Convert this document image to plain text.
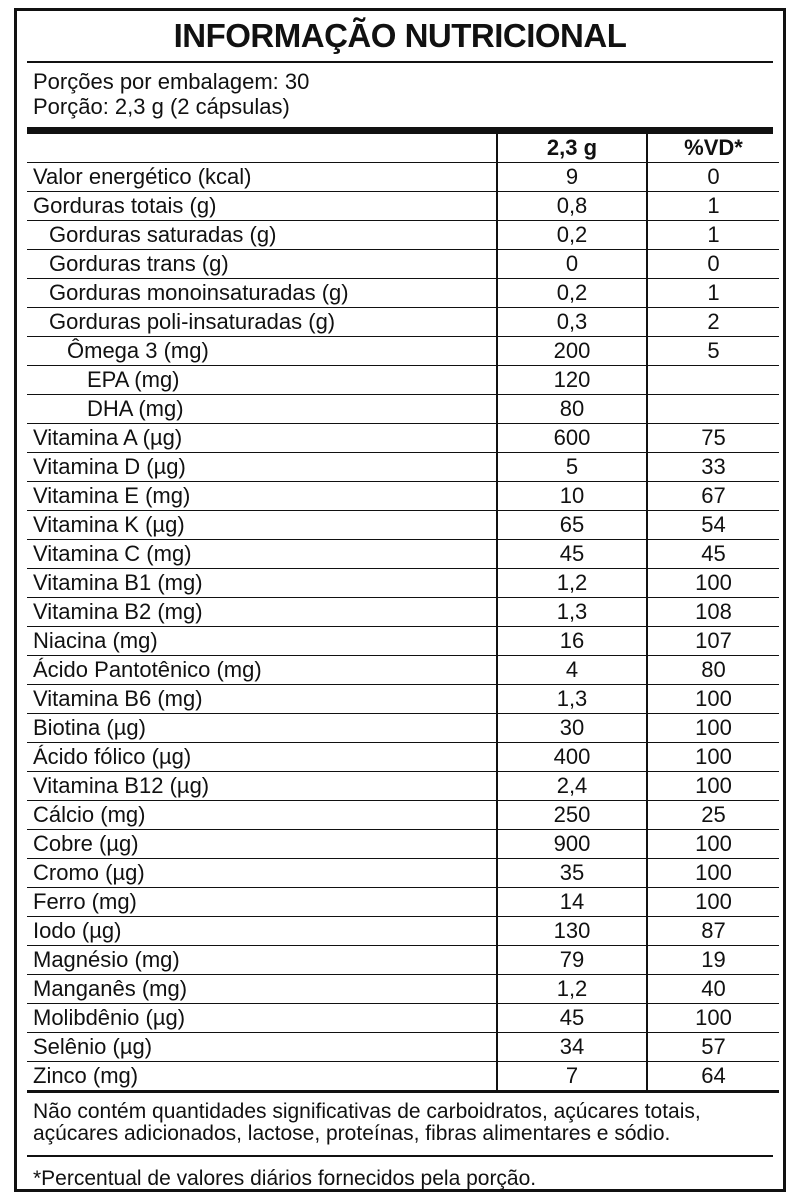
INFORMAÇÃO NUTRICIONAL
Porções por embalagem: 30
Porção: 2,3 g (2 cápsulas)
	2,3 g	%VD*
Valor energético (kcal)	9	0
Gorduras totais (g)	0,8	1
Gorduras saturadas (g)	0,2	1
Gorduras trans (g)	0	0
Gorduras monoinsaturadas (g)	0,2	1
Gorduras poli-insaturadas (g)	0,3	2
Ômega 3 (mg)	200	5
EPA (mg)	120	
DHA (mg)	80	
Vitamina A (µg)	600	75
Vitamina D (µg)	5	33
Vitamina E (mg)	10	67
Vitamina K (µg)	65	54
Vitamina C (mg)	45	45
Vitamina B1 (mg)	1,2	100
Vitamina B2 (mg)	1,3	108
Niacina (mg)	16	107
Ácido Pantotênico (mg)	4	80
Vitamina B6 (mg)	1,3	100
Biotina (µg)	30	100
Ácido fólico (µg)	400	100
Vitamina B12 (µg)	2,4	100
Cálcio (mg)	250	25
Cobre (µg)	900	100
Cromo (µg)	35	100
Ferro (mg)	14	100
Iodo (µg)	130	87
Magnésio (mg)	79	19
Manganês (mg)	1,2	40
Molibdênio (µg)	45	100
Selênio (µg)	34	57
Zinco (mg)	7	64
Não contém quantidades significativas de carboidratos, açúcares totais, açúcares adicionados, lactose, proteínas, fibras alimentares e sódio.
*Percentual de valores diários fornecidos pela porção.
